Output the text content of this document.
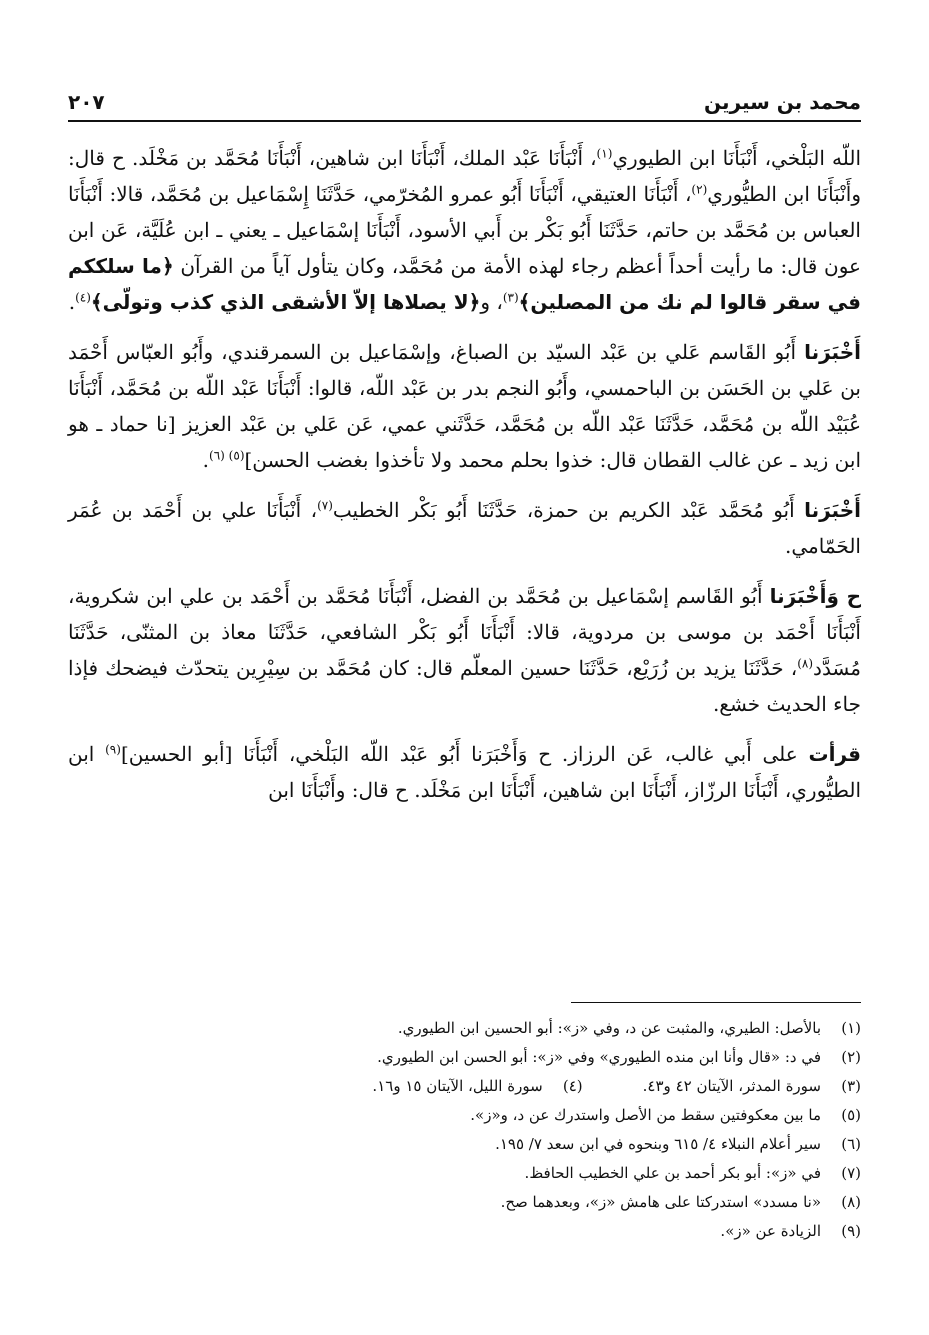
محمد بن سيرين
٢٠٧

اللّه البَلْخي، أَنْبَأَنَا ابن الطيوري$^{(١)}$، أَنْبَأَنَا عَبْد الملك، أَنْبَأَنَا ابن شاهين، أَنْبَأَنَا مُحَمَّد بن مَخْلَد. ح قال: وأَنْبَأَنَا ابن الطيُّوري$^{(٢)}$، أَنْبَأَنَا العتيقي، أَنْبَأَنَا أَبُو عمرو المُخرّمي، حَدَّثَنَا إِسْمَاعيل بن مُحَمَّد، قالا: أَنْبَأَنَا العباس بن مُحَمَّد بن حاتم، حَدَّثَنَا أَبُو بَكْر بن أَبي الأسود، أَنْبَأَنَا إسْمَاعيل ـ يعني ـ ابن عُلَيَّة، عَن ابن عون قال: ما رأيت أحداً أعظم رجاء لهذه الأمة من مُحَمَّد، وكان يتأول آياً من القرآن ﴿ما سلككم في سقر قالوا لم نك من المصلين﴾$^{(٣)}$، و﴿لا يصلاها إلاّ الأشقى الذي كذب وتولّى﴾$^{(٤)}$.

أَخْبَرَنا أَبُو القَاسم عَلي بن عَبْد السيّد بن الصباغ، وإسْمَاعيل بن السمرقندي، وأَبُو العبّاس أَحْمَد بن عَلي بن الحَسَن بن الباحمسي، وأَبُو النجم بدر بن عَبْد اللّه، قالوا: أَنْبَأَنَا عَبْد اللّه بن مُحَمَّد، أَنْبَأَنَا عُبَيْد اللّه بن مُحَمَّد، حَدَّثَنَا عَبْد اللّه بن مُحَمَّد، حَدَّثَني عمي، عَن عَلي بن عَبْد العزيز [نا حماد ـ هو ابن زيد ـ عن غالب القطان قال: خذوا بحلم محمد ولا تأخذوا بغضب الحسن]$^{(٥) (٦)}$.

أَخْبَرَنا أَبُو مُحَمَّد عَبْد الكريم بن حمزة، حَدَّثَنَا أَبُو بَكْر الخطيب$^{(٧)}$، أَنْبَأَنَا علي بن أَحْمَد بن عُمَر الحَمّامي.

ح وَأَخْبَرَنا أَبُو القَاسم إسْمَاعيل بن مُحَمَّد بن الفضل، أَنْبَأَنَا مُحَمَّد بن أَحْمَد بن علي ابن شكروية، أَنْبَأَنَا أَحْمَد بن موسى بن مردوية، قالا: أَنْبَأَنَا أَبُو بَكْر الشافعي، حَدَّثَنَا معاذ بن المثنّى، حَدَّثَنَا مُسَدَّد$^{(٨)}$، حَدَّثَنَا يزيد بن زُرَيْع، حَدَّثَنَا حسين المعلّم قال: كان مُحَمَّد بن سِيْرِين يتحدّث فيضحك فإذا جاء الحديث خشع.

قرأت على أَبي غالب، عَن الرزاز. ح وَأَخْبَرَنا أَبُو عَبْد اللّه البَلْخي، أَنْبَأَنَا [أبو الحسين]$^{(٩)}$ ابن الطيُّوري، أَنْبَأَنَا الرزّاز، أَنْبَأَنَا ابن شاهين، أَنْبَأَنَا ابن مَخْلَد. ح قال: وأَنْبَأَنَا ابن

(١)
بالأصل: الطيري، والمثبت عن د، وفي «ز»: أبو الحسين ابن الطيوري.
(٢)
في د: «قال وأنا ابن منده الطيوري» وفي «ز»: أبو الحسن ابن الطيوري.
(٣)
سورة المدثر، الآيتان ٤٢ و٤٣.
(٤)
سورة الليل، الآيتان ١٥ و١٦.
(٥)
ما بين معكوفتين سقط من الأصل واستدرك عن د، و«ز».
(٦)
سير أعلام النبلاء ٤/ ٦١٥ وبنحوه في ابن سعد ٧/ ١٩٥.
(٧)
في «ز»: أبو بكر أحمد بن علي الخطيب الحافظ.
(٨)
«نا مسدد» استدركتا على هامش «ز»، وبعدهما صح.
(٩)
الزيادة عن «ز».
